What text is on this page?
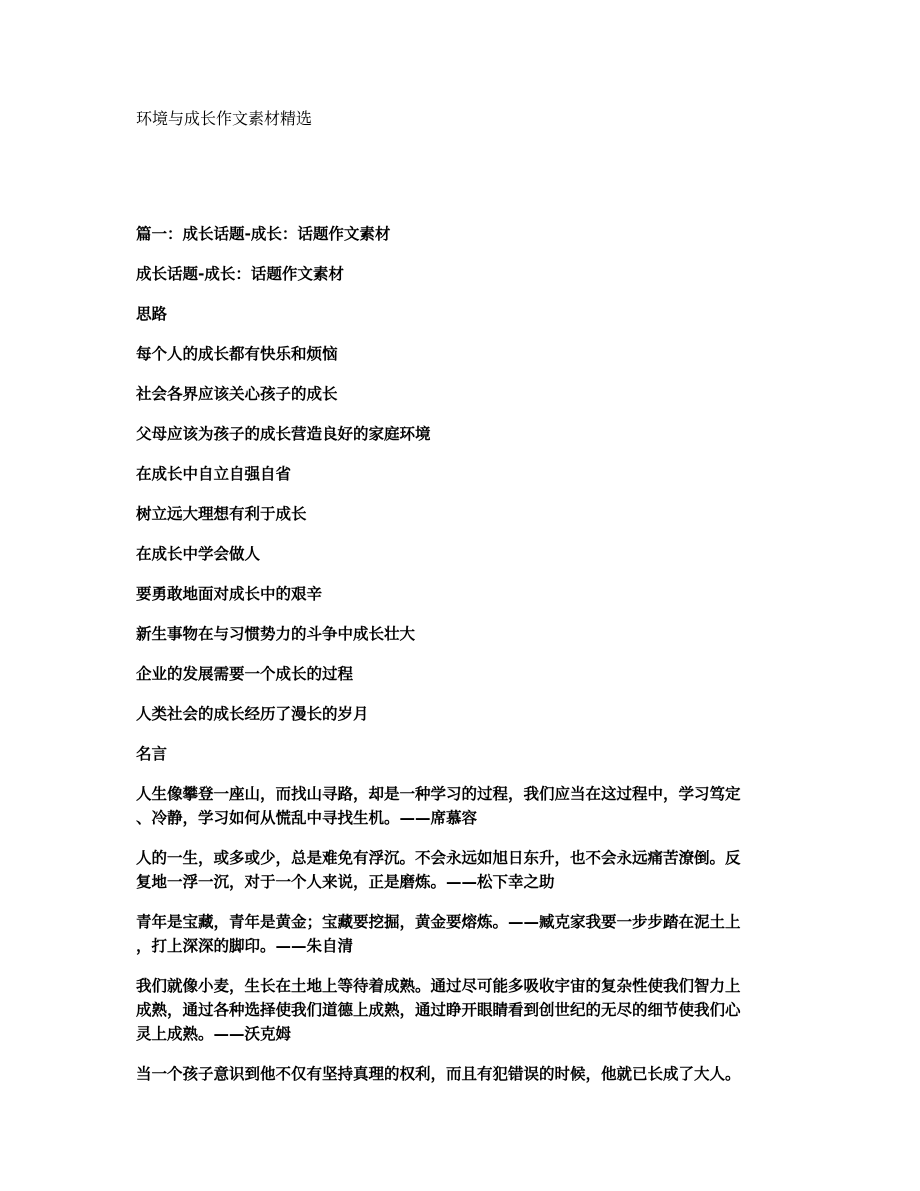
环境与成长作文素材精选
篇一：成长话题-成长：话题作文素材
成长话题-成长：话题作文素材
思路
每个人的成长都有快乐和烦恼
社会各界应该关心孩子的成长
父母应该为孩子的成长营造良好的家庭环境
在成长中自立自强自省
树立远大理想有利于成长
在成长中学会做人
要勇敢地面对成长中的艰辛
新生事物在与习惯势力的斗争中成长壮大
企业的发展需要一个成长的过程
人类社会的成长经历了漫长的岁月
名言
人生像攀登一座山，而找山寻路，却是一种学习的过程，我们应当在这过程中，学习笃定
、冷静，学习如何从慌乱中寻找生机。——席慕容
人的一生，或多或少，总是难免有浮沉。不会永远如旭日东升，也不会永远痛苦潦倒。反
复地一浮一沉，对于一个人来说，正是磨炼。——松下幸之助
青年是宝藏，青年是黄金；宝藏要挖掘，黄金要熔炼。——臧克家我要一步步踏在泥土上
，打上深深的脚印。——朱自清
我们就像小麦，生长在土地上等待着成熟。通过尽可能多吸收宇宙的复杂性使我们智力上
成熟，通过各种选择使我们道德上成熟，通过睁开眼睛看到创世纪的无尽的细节使我们心
灵上成熟。——沃克姆
当一个孩子意识到他不仅有坚持真理的权利，而且有犯错误的时候，他就已长成了大人。
